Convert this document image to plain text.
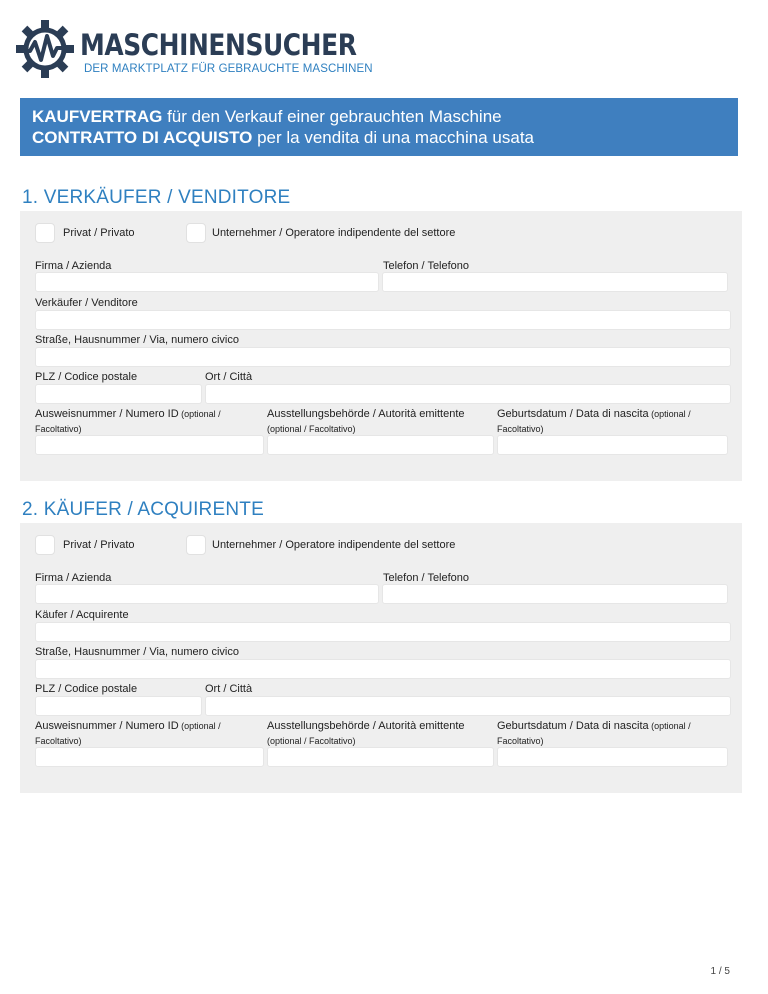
MASCHINENSUCHER
DER MARKTPLATZ FÜR GEBRAUCHTE MASCHINEN
KAUFVERTRAG für den Verkauf einer gebrauchten Maschine
CONTRATTO DI ACQUISTO per la vendita di una macchina usata
1. VERKÄUFER / VENDITORE
Privat / Privato	Unternehmer / Operatore indipendente del settore
Firma / Azienda	Telefon / Telefono
Verkäufer / Venditore
Straße, Hausnummer / Via, numero civico
PLZ / Codice postale	Ort / Città
Ausweisnummer / Numero ID (optional /
Facoltativo)
Ausstellungsbehörde / Autorità emittente
(optional / Facoltativo)
Geburtsdatum / Data di nascita (optional /
Facoltativo)
2. KÄUFER / ACQUIRENTE
Privat / Privato	Unternehmer / Operatore indipendente del settore
Firma / Azienda	Telefon / Telefono
Käufer / Acquirente
Straße, Hausnummer / Via, numero civico
PLZ / Codice postale	Ort / Città
Ausweisnummer / Numero ID (optional /
Facoltativo)
Ausstellungsbehörde / Autorità emittente
(optional / Facoltativo)
Geburtsdatum / Data di nascita (optional /
Facoltativo)
1 / 5
